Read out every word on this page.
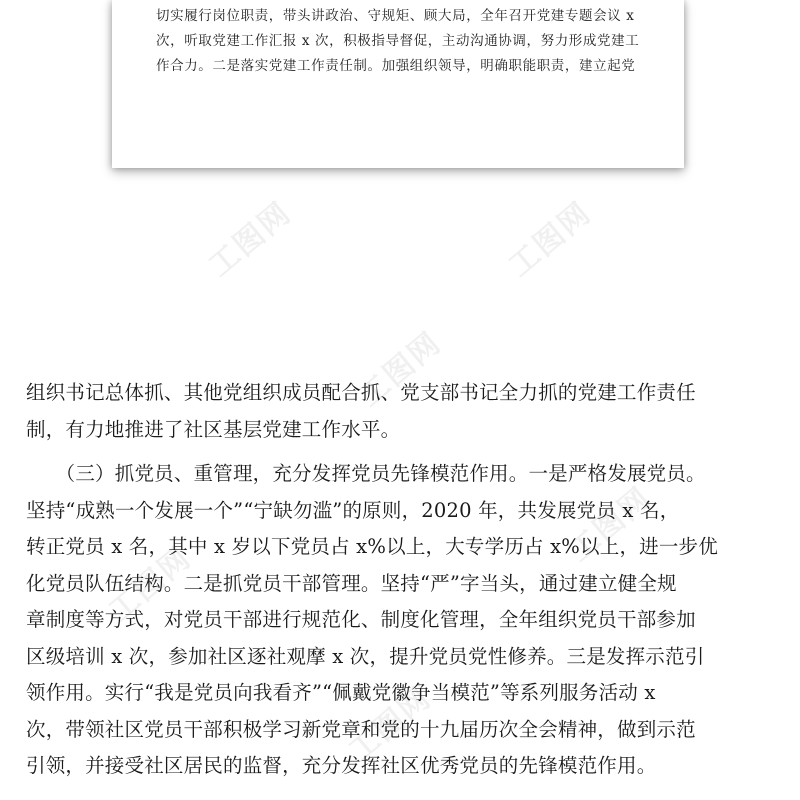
工图网	工图网
工图网
工图网
工图网
工图网
切实履行岗位职责，带头讲政治、守规矩、顾大局，全年召开党建专题会议 x
次，听取党建工作汇报 x 次，积极指导督促，主动沟通协调，努力形成党建工
作合力。二是落实党建工作责任制。加强组织领导，明确职能职责，建立起党
组织书记总体抓、其他党组织成员配合抓、党支部书记全力抓的党建工作责任
制，有力地推进了社区基层党建工作水平。
　　（三）抓党员、重管理，充分发挥党员先锋模范作用。一是严格发展党员。
坚持“成熟一个发展一个”“宁缺勿滥”的原则，2020 年，共发展党员 x 名，
转正党员 x 名，其中 x 岁以下党员占 x%以上，大专学历占 x%以上，进一步优
化党员队伍结构。二是抓党员干部管理。坚持“严”字当头，通过建立健全规
章制度等方式，对党员干部进行规范化、制度化管理，全年组织党员干部参加
区级培训 x 次，参加社区逐社观摩 x 次，提升党员党性修养。三是发挥示范引
领作用。实行“我是党员向我看齐”“佩戴党徽争当模范”等系列服务活动 x
次，带领社区党员干部积极学习新党章和党的十九届历次全会精神，做到示范
引领，并接受社区居民的监督，充分发挥社区优秀党员的先锋模范作用。
